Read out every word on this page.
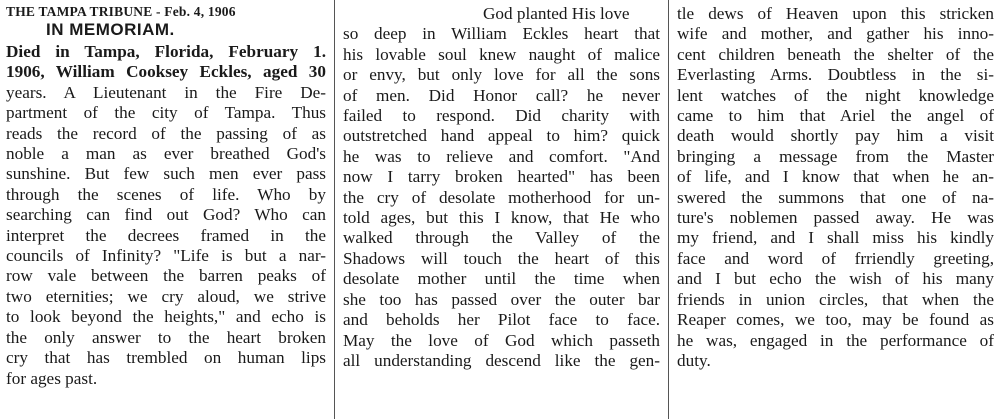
THE TAMPA TRIBUNE - Feb. 4, 1906
IN MEMORIAM.
Died in Tampa, Florida, February 1.
1906, William Cooksey Eckles, aged 30
years. A Lieutenant in the Fire De-
partment of the city of Tampa. Thus
reads the record of the passing of as
noble a man as ever breathed God's
sunshine. But few such men ever pass
through the scenes of life. Who by
searching can find out God? Who can
interpret the decrees framed in the
councils of Infinity? "Life is but a nar-
row vale between the barren peaks of
two eternities; we cry aloud, we strive
to look beyond the heights," and echo is
the only answer to the heart broken
cry that has trembled on human lips
for ages past.
God planted His love
so deep in William Eckles heart that
his lovable soul knew naught of malice
or envy, but only love for all the sons
of men. Did Honor call? he never
failed to respond. Did charity with
outstretched hand appeal to him? quick
he was to relieve and comfort. "And
now I tarry broken hearted" has been
the cry of desolate motherhood for un-
told ages, but this I know, that He who
walked through the Valley of the
Shadows will touch the heart of this
desolate mother until the time when
she too has passed over the outer bar
and beholds her Pilot face to face.
May the love of God which passeth
all understanding descend like the gen-
tle dews of Heaven upon this stricken
wife and mother, and gather his inno-
cent children beneath the shelter of the
Everlasting Arms. Doubtless in the si-
lent watches of the night knowledge
came to him that Ariel the angel of
death would shortly pay him a visit
bringing a message from the Master
of life, and I know that when he an-
swered the summons that one of na-
ture's noblemen passed away. He was
my friend, and I shall miss his kindly
face and word of frriendly greeting,
and I but echo the wish of his many
friends in union circles, that when the
Reaper comes, we too, may be found as
he was, engaged in the performance of
duty.
